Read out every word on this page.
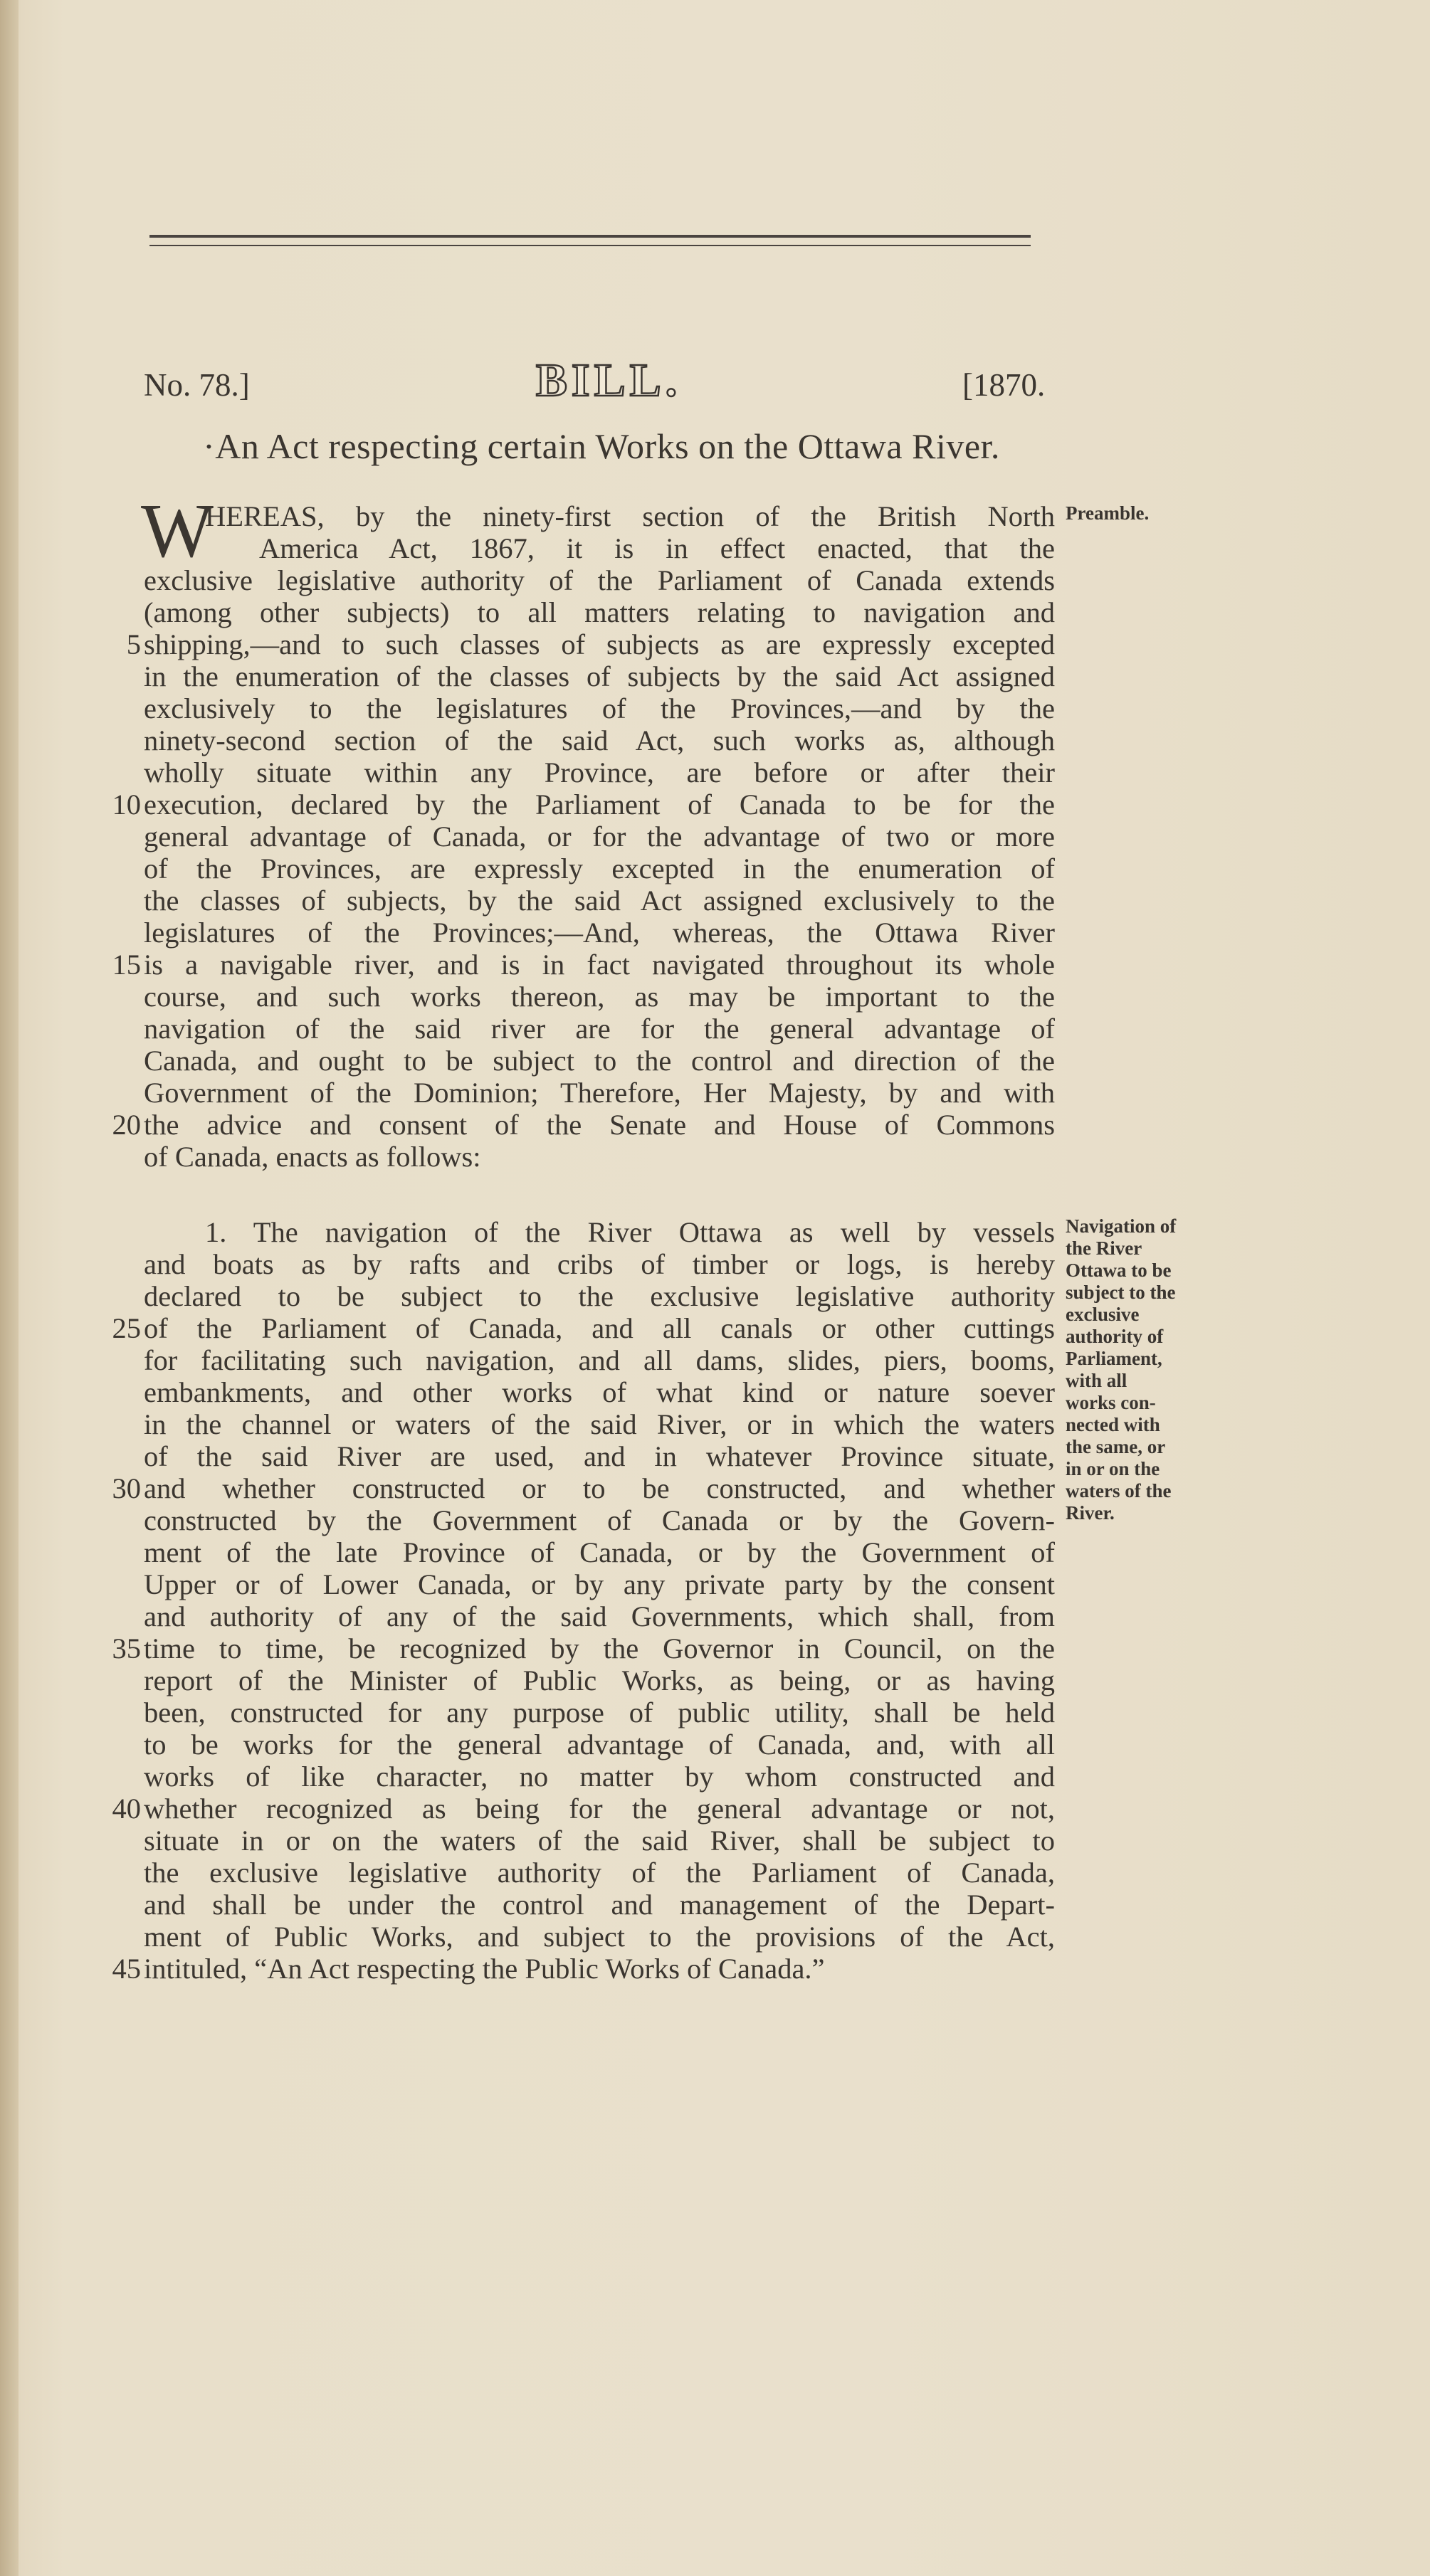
No. 78.]	BILL.	[1870.
·An Act respecting certain Works on the Ottawa River.
W
HEREAS, by the ninety-first section of the British North
America Act, 1867, it is in effect enacted, that the
exclusive legislative authority of the Parliament of Canada extends
(among other subjects) to all matters relating to navigation and
shipping,—and to such classes of subjects as are expressly excepted
in the enumeration of the classes of subjects by the said Act assigned
exclusively to the legislatures of the Provinces,—and by the
ninety-second section of the said Act, such works as, although
wholly situate within any Province, are before or after their
execution, declared by the Parliament of Canada to be for the
general advantage of Canada, or for the advantage of two or more
of the Provinces, are expressly excepted in the enumeration of
the classes of subjects, by the said Act assigned exclusively to the
legislatures of the Provinces;—And, whereas, the Ottawa River
is a navigable river, and is in fact navigated throughout its whole
course, and such works thereon, as may be important to the
navigation of the said river are for the general advantage of
Canada, and ought to be subject to the control and direction of the
Government of the Dominion; Therefore, Her Majesty, by and with
the advice and consent of the Senate and House of Commons
of Canada, enacts as follows:
1. The navigation of the River Ottawa as well by vessels
and boats as by rafts and cribs of timber or logs, is hereby
declared to be subject to the exclusive legislative authority
of the Parliament of Canada, and all canals or other cuttings
for facilitating such navigation, and all dams, slides, piers, booms,
embankments, and other works of what kind or nature soever
in the channel or waters of the said River, or in which the waters
of the said River are used, and in whatever Province situate,
and whether constructed or to be constructed, and whether
constructed by the Government of Canada or by the Govern-
ment of the late Province of Canada, or by the Government of
Upper or of Lower Canada, or by any private party by the consent
and authority of any of the said Governments, which shall, from
time to time, be recognized by the Governor in Council, on the
report of the Minister of Public Works, as being, or as having
been, constructed for any purpose of public utility, shall be held
to be works for the general advantage of Canada, and, with all
works of like character, no matter by whom constructed and
whether recognized as being for the general advantage or not,
situate in or on the waters of the said River, shall be subject to
the exclusive legislative authority of the Parliament of Canada,
and shall be under the control and management of the Depart-
ment of Public Works, and subject to the provisions of the Act,
intituled, “An Act respecting the Public Works of Canada.”
5
10
15
20
25
30
35
40
45
Preamble.
Navigation of
the River
Ottawa to be
subject to the
exclusive
authority of
Parliament,
with all
works con-
nected with
the same, or
in or on the
waters of the
River.
